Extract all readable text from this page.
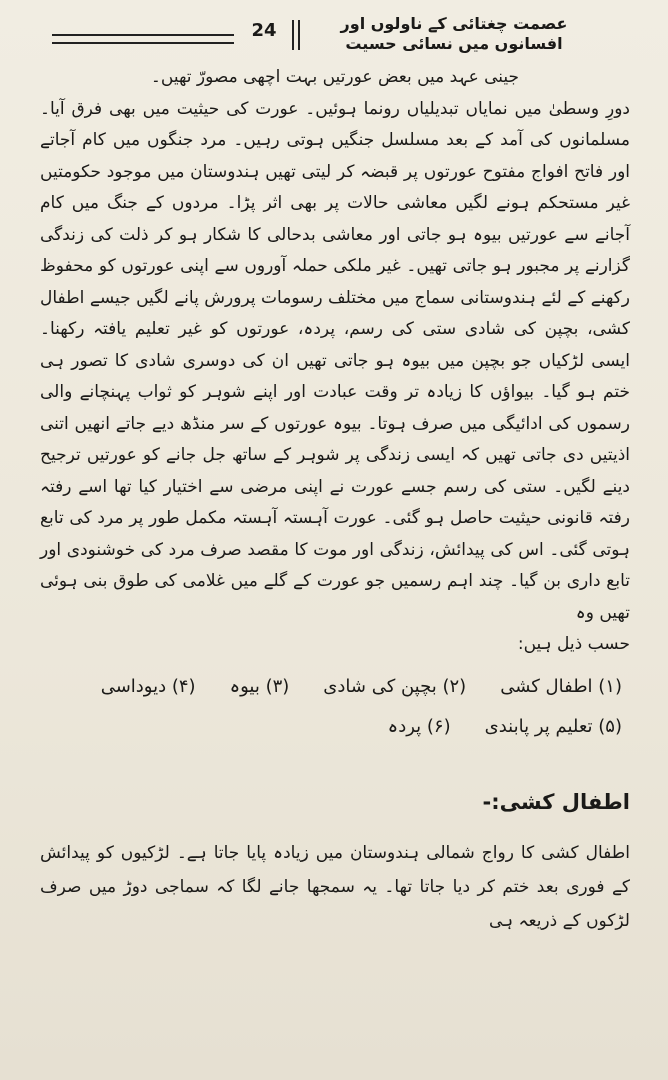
24	عصمت چغتائی کے ناولوں اور
افسانوں میں نسائی حسیت

جینی عہد میں بعض عورتیں بہت اچھی مصورّ تھیں۔

دورِ وسطیٰ میں نمایاں تبدیلیاں رونما ہوئیں۔ عورت کی حیثیت میں بھی فرق آیا۔ مسلمانوں کی آمد کے بعد مسلسل جنگیں ہوتی رہیں۔ مرد جنگوں میں کام آجاتے اور فاتح افواج مفتوح عورتوں پر قبضہ کر لیتی تھیں ہندوستان میں موجود حکومتیں غیر مستحکم ہونے لگیں معاشی حالات پر بھی اثر پڑا۔ مردوں کے جنگ میں کام آجانے سے عورتیں بیوہ ہو جاتی اور معاشی بدحالی کا شکار ہو کر ذلت کی زندگی گزارنے پر مجبور ہو جاتی تھیں۔ غیر ملکی حملہ آوروں سے اپنی عورتوں کو محفوظ رکھنے کے لئے ہندوستانی سماج میں مختلف رسومات پرورش پانے لگیں جیسے اطفال کشی، بچپن کی شادی ستی کی رسم، پردہ، عورتوں کو غیر تعلیم یافتہ رکھنا۔ ایسی لڑکیاں جو بچپن میں بیوہ ہو جاتی تھیں ان کی دوسری شادی کا تصور ہی ختم ہو گیا۔ بیواؤں کا زیادہ تر وقت عبادت اور اپنے شوہر کو ثواب پہنچانے والی رسموں کی ادائیگی میں صرف ہوتا۔ بیوہ عورتوں کے سر منڈھ دیے جاتے انھیں اتنی اذیتیں دی جاتی تھیں کہ ایسی زندگی پر شوہر کے ساتھ جل جانے کو عورتیں ترجیح دینے لگیں۔ ستی کی رسم جسے عورت نے اپنی مرضی سے اختیار کیا تھا اسے رفتہ رفتہ قانونی حیثیت حاصل ہو گئی۔ عورت آہستہ آہستہ مکمل طور پر مرد کی تابع ہوتی گئی۔ اس کی پیدائش، زندگی اور موت کا مقصد صرف مرد کی خوشنودی اور تابع داری بن گیا۔ چند اہم رسمیں جو عورت کے گلے میں غلامی کی طوق بنی ہوئی تھیں وہ

حسب ذیل ہیں:

(۱) اطفال کشی
(۲) بچپن کی شادی
(۳) بیوہ
(۴) دیوداسی
(۵) تعلیم پر پابندی
(۶) پردہ
اطفال کشی:-

اطفال کشی کا رواج شمالی ہندوستان میں زیادہ پایا جاتا ہے۔ لڑکیوں کو پیدائش کے فوری بعد ختم کر دیا جاتا تھا۔ یہ سمجھا جانے لگا کہ سماجی دوڑ میں صرف لڑکوں کے ذریعہ ہی
